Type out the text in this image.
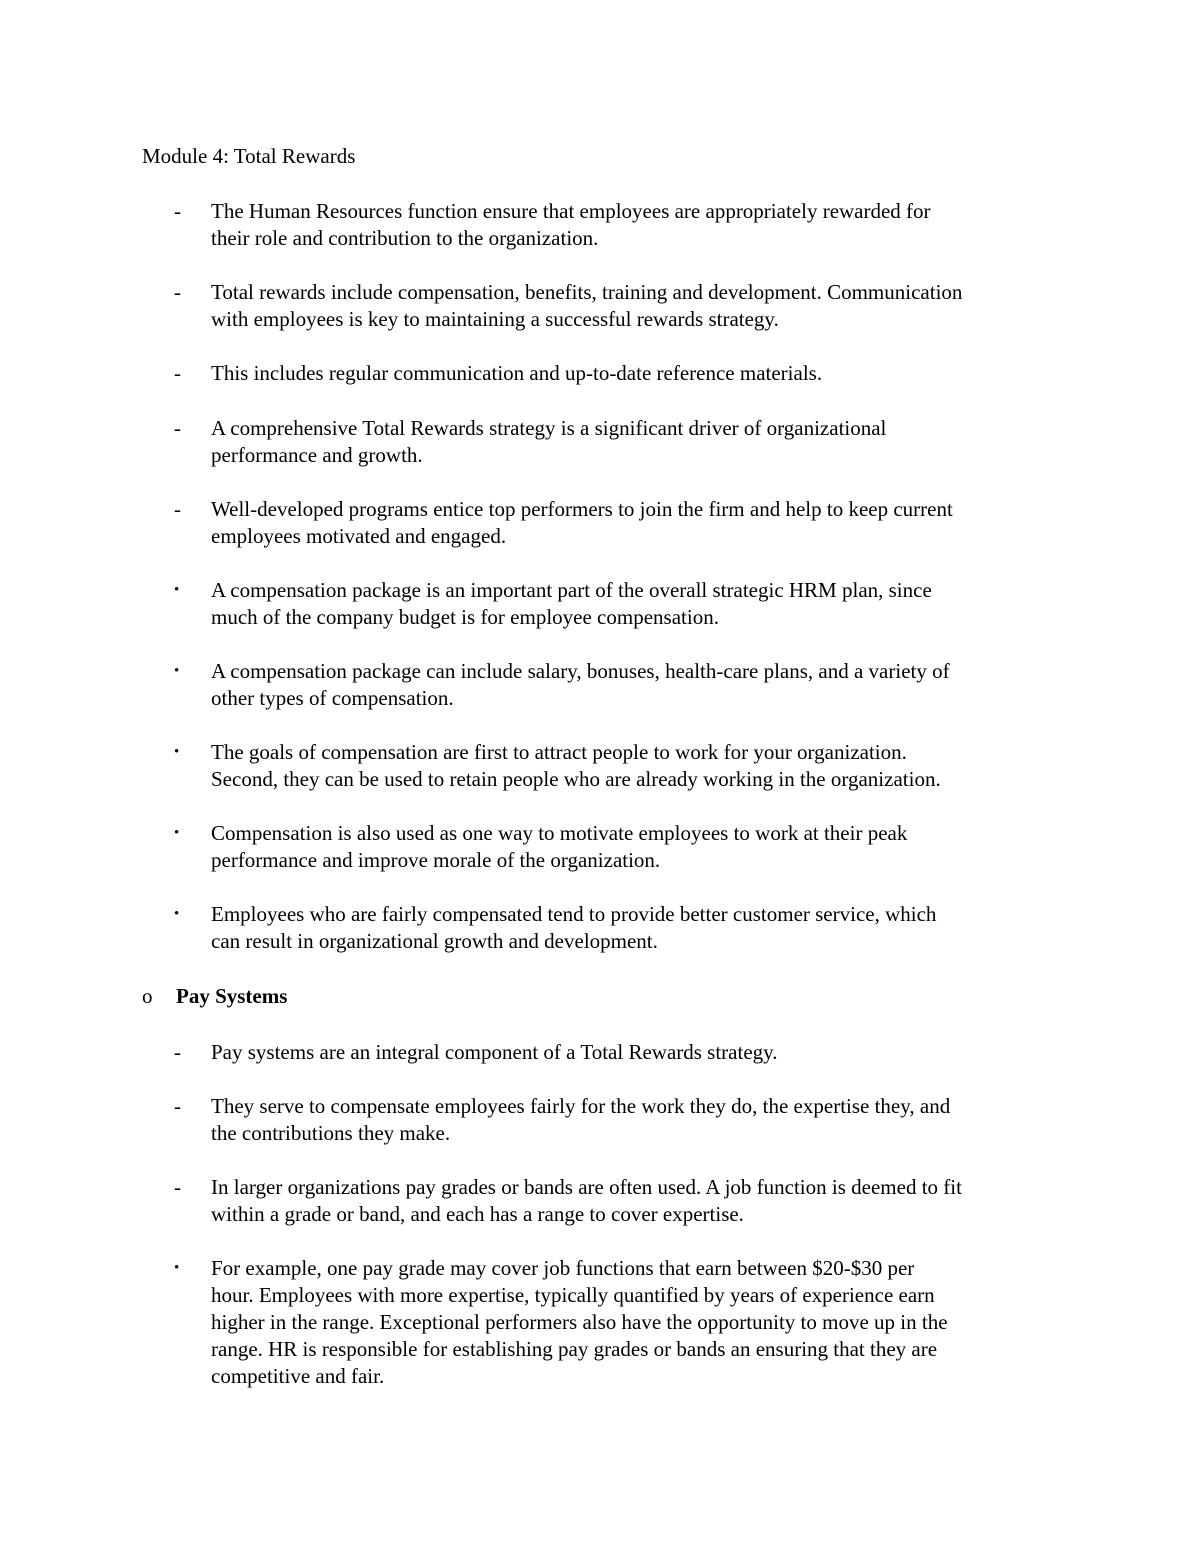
Module 4: Total Rewards
-	The Human Resources function ensure that employees are appropriately rewarded for
their role and contribution to the organization.
-	Total rewards include compensation, benefits, training and development. Communication
with employees is key to maintaining a successful rewards strategy.
-	This includes regular communication and up-to-date reference materials.
-	A comprehensive Total Rewards strategy is a significant driver of organizational
performance and growth.
-	Well-developed programs entice top performers to join the firm and help to keep current
employees motivated and engaged.
•	A compensation package is an important part of the overall strategic HRM plan, since
much of the company budget is for employee compensation.
•	A compensation package can include salary, bonuses, health-care plans, and a variety of
other types of compensation.
•	The goals of compensation are first to attract people to work for your organization.
Second, they can be used to retain people who are already working in the organization.
•	Compensation is also used as one way to motivate employees to work at their peak
performance and improve morale of the organization.
•	Employees who are fairly compensated tend to provide better customer service, which
can result in organizational growth and development.
o	Pay Systems
-	Pay systems are an integral component of a Total Rewards strategy.
-	They serve to compensate employees fairly for the work they do, the expertise they, and
the contributions they make.
-	In larger organizations pay grades or bands are often used. A job function is deemed to fit
within a grade or band, and each has a range to cover expertise.
•	For example, one pay grade may cover job functions that earn between $20-$30 per
hour. Employees with more expertise, typically quantified by years of experience earn
higher in the range. Exceptional performers also have the opportunity to move up in the
range. HR is responsible for establishing pay grades or bands an ensuring that they are
competitive and fair.
